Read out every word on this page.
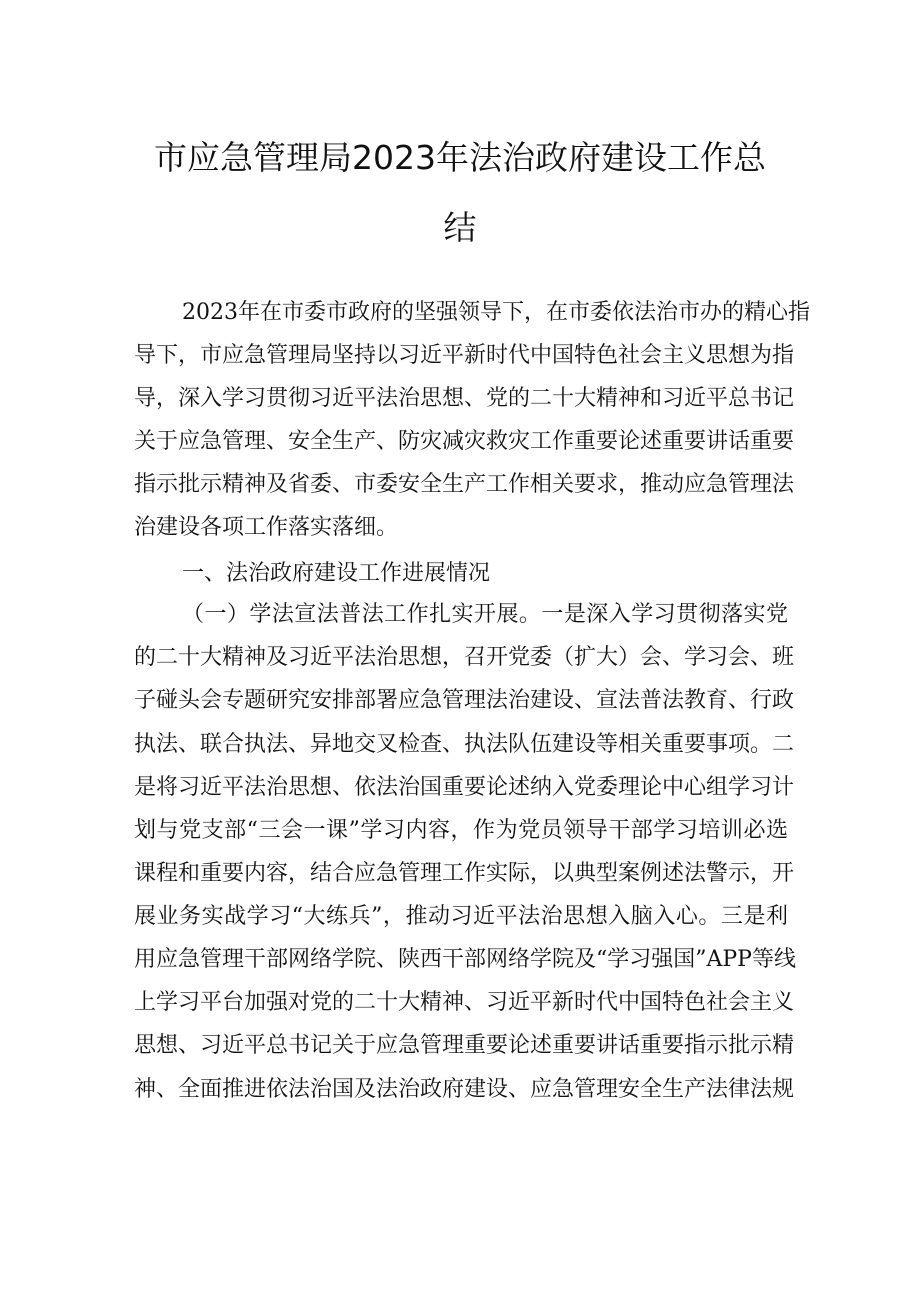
市应急管理局2023年法治政府建设工作总
结
2023年在市委市政府的坚强领导下，在市委依法治市办的精心指
导下，市应急管理局坚持以习近平新时代中国特色社会主义思想为指
导，深入学习贯彻习近平法治思想、党的二十大精神和习近平总书记
关于应急管理、安全生产、防灾减灾救灾工作重要论述重要讲话重要
指示批示精神及省委、市委安全生产工作相关要求，推动应急管理法
治建设各项工作落实落细。
一、法治政府建设工作进展情况
（一）学法宣法普法工作扎实开展。一是深入学习贯彻落实党
的二十大精神及习近平法治思想，召开党委（扩大）会、学习会、班
子碰头会专题研究安排部署应急管理法治建设、宣法普法教育、行政
执法、联合执法、异地交叉检查、执法队伍建设等相关重要事项。二
是将习近平法治思想、依法治国重要论述纳入党委理论中心组学习计
划与党支部“三会一课”学习内容，作为党员领导干部学习培训必选
课程和重要内容，结合应急管理工作实际，以典型案例述法警示，开
展业务实战学习“大练兵”，推动习近平法治思想入脑入心。三是利
用应急管理干部网络学院、陕西干部网络学院及“学习强国”APP等线
上学习平台加强对党的二十大精神、习近平新时代中国特色社会主义
思想、习近平总书记关于应急管理重要论述重要讲话重要指示批示精
神、全面推进依法治国及法治政府建设、应急管理安全生产法律法规
